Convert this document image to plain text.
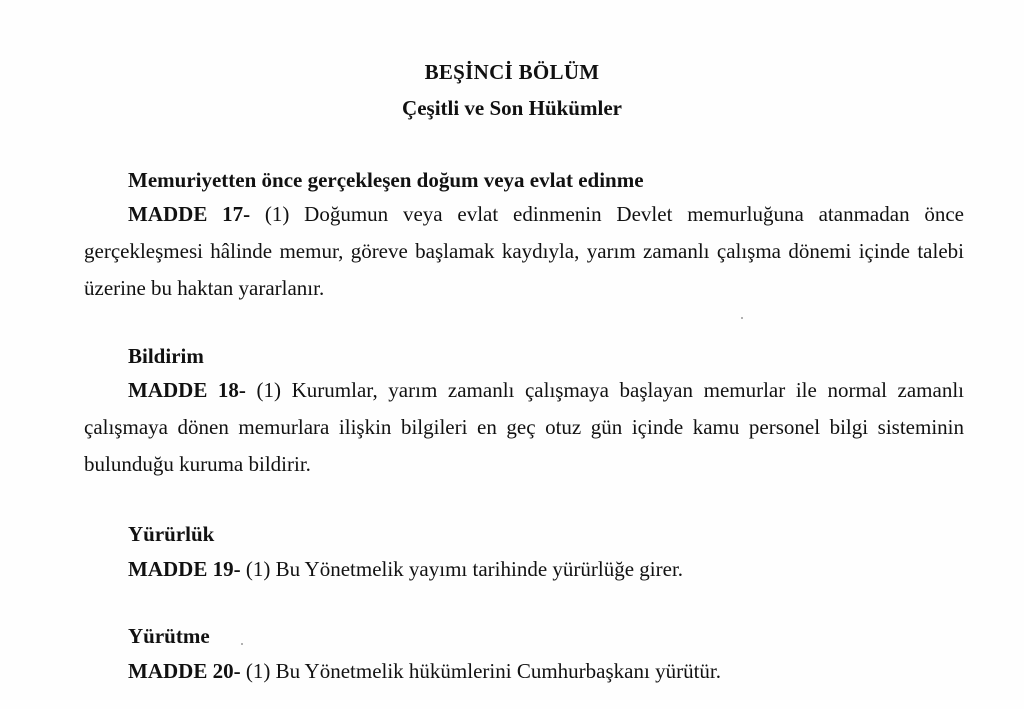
BEŞİNCİ BÖLÜM
Çeşitli ve Son Hükümler
Memuriyetten önce gerçekleşen doğum veya evlat edinme

MADDE 17- (1) Doğumun veya evlat edinmenin Devlet memurluğuna atanmadan önce gerçekleşmesi hâlinde memur, göreve başlamak kaydıyla, yarım zamanlı çalışma dönemi içinde talebi üzerine bu haktan yararlanır.

Bildirim

MADDE 18- (1) Kurumlar, yarım zamanlı çalışmaya başlayan memurlar ile normal zamanlı çalışmaya dönen memurlara ilişkin bilgileri en geç otuz gün içinde kamu personel bilgi sisteminin bulunduğu kuruma bildirir.

Yürürlük
MADDE 19- (1) Bu Yönetmelik yayımı tarihinde yürürlüğe girer.
Yürütme
MADDE 20- (1) Bu Yönetmelik hükümlerini Cumhurbaşkanı yürütür.
